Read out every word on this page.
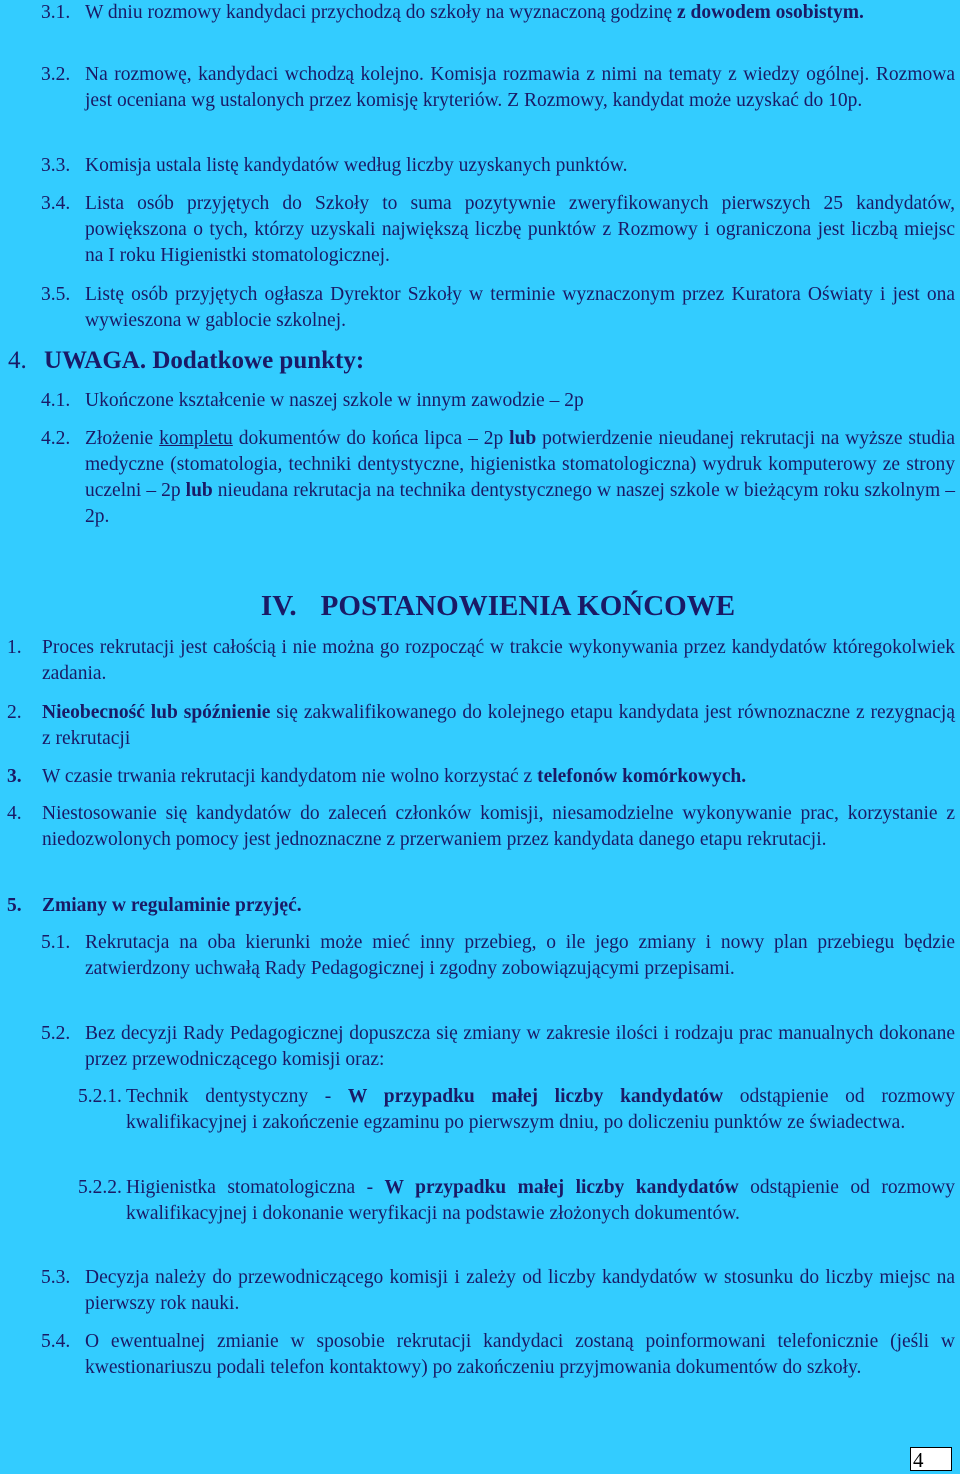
3.1. W dniu rozmowy kandydaci przychodzą do szkoły na wyznaczoną godzinę z dowodem osobistym.
3.2. Na rozmowę, kandydaci wchodzą kolejno. Komisja rozmawia z nimi na tematy z wiedzy ogólnej. Rozmowa jest oceniana wg ustalonych przez komisję kryteriów. Z Rozmowy, kandydat może uzyskać do 10p.
3.3. Komisja ustala listę kandydatów według liczby uzyskanych punktów.
3.4. Lista osób przyjętych do Szkoły to suma pozytywnie zweryfikowanych pierwszych 25 kandydatów, powiększona o tych, którzy uzyskali największą liczbę punktów z Rozmowy i ograniczona jest liczbą miejsc na I roku Higienistki stomatologicznej.
3.5. Listę osób przyjętych ogłasza Dyrektor Szkoły w terminie wyznaczonym przez Kuratora Oświaty i jest ona wywieszona w gablocie szkolnej.
4. UWAGA. Dodatkowe punkty:
4.1. Ukończone kształcenie w naszej szkole w innym zawodzie – 2p
4.2. Złożenie kompletu dokumentów do końca lipca – 2p lub potwierdzenie nieudanej rekrutacji na wyższe studia medyczne (stomatologia, techniki dentystyczne, higienistka stomatologiczna) wydruk komputerowy ze strony uczelni – 2p lub nieudana rekrutacja na technika dentystycznego w naszej szkole w bieżącym roku szkolnym – 2p.
IV. POSTANOWIENIA KOŃCOWE
1.	Proces rekrutacji jest całością i nie można go rozpocząć w trakcie wykonywania przez kandydatów któregokolwiek zadania.
2.	Nieobecność lub spóźnienie się zakwalifikowanego do kolejnego etapu kandydata jest równoznaczne z rezygnacją z rekrutacji
3.	W czasie trwania rekrutacji kandydatom nie wolno korzystać z telefonów komórkowych.
4.	Niestosowanie się kandydatów do zaleceń członków komisji, niesamodzielne wykonywanie prac, korzystanie z niedozwolonych pomocy jest jednoznaczne z przerwaniem przez kandydata danego etapu rekrutacji.
5.	Zmiany w regulaminie przyjęć.
5.1. Rekrutacja na oba kierunki może mieć inny przebieg, o ile jego zmiany i nowy plan przebiegu będzie zatwierdzony uchwałą Rady Pedagogicznej i zgodny zobowiązującymi przepisami.
5.2. Bez decyzji Rady Pedagogicznej dopuszcza się zmiany w zakresie ilości i rodzaju prac manualnych dokonane przez przewodniczącego komisji oraz:
5.2.1. Technik dentystyczny - W przypadku małej liczby kandydatów odstąpienie od rozmowy kwalifikacyjnej i zakończenie egzaminu po pierwszym dniu, po doliczeniu punktów ze świadectwa.
5.2.2. Higienistka stomatologiczna - W przypadku małej liczby kandydatów odstąpienie od rozmowy kwalifikacyjnej i dokonanie weryfikacji na podstawie złożonych dokumentów.
5.3. Decyzja należy do przewodniczącego komisji i zależy od liczby kandydatów w stosunku do liczby miejsc na pierwszy rok nauki.
5.4. O ewentualnej zmianie w sposobie rekrutacji kandydaci zostaną poinformowani telefonicznie (jeśli w kwestionariuszu podali telefon kontaktowy) po zakończeniu przyjmowania dokumentów do szkoły.
4
